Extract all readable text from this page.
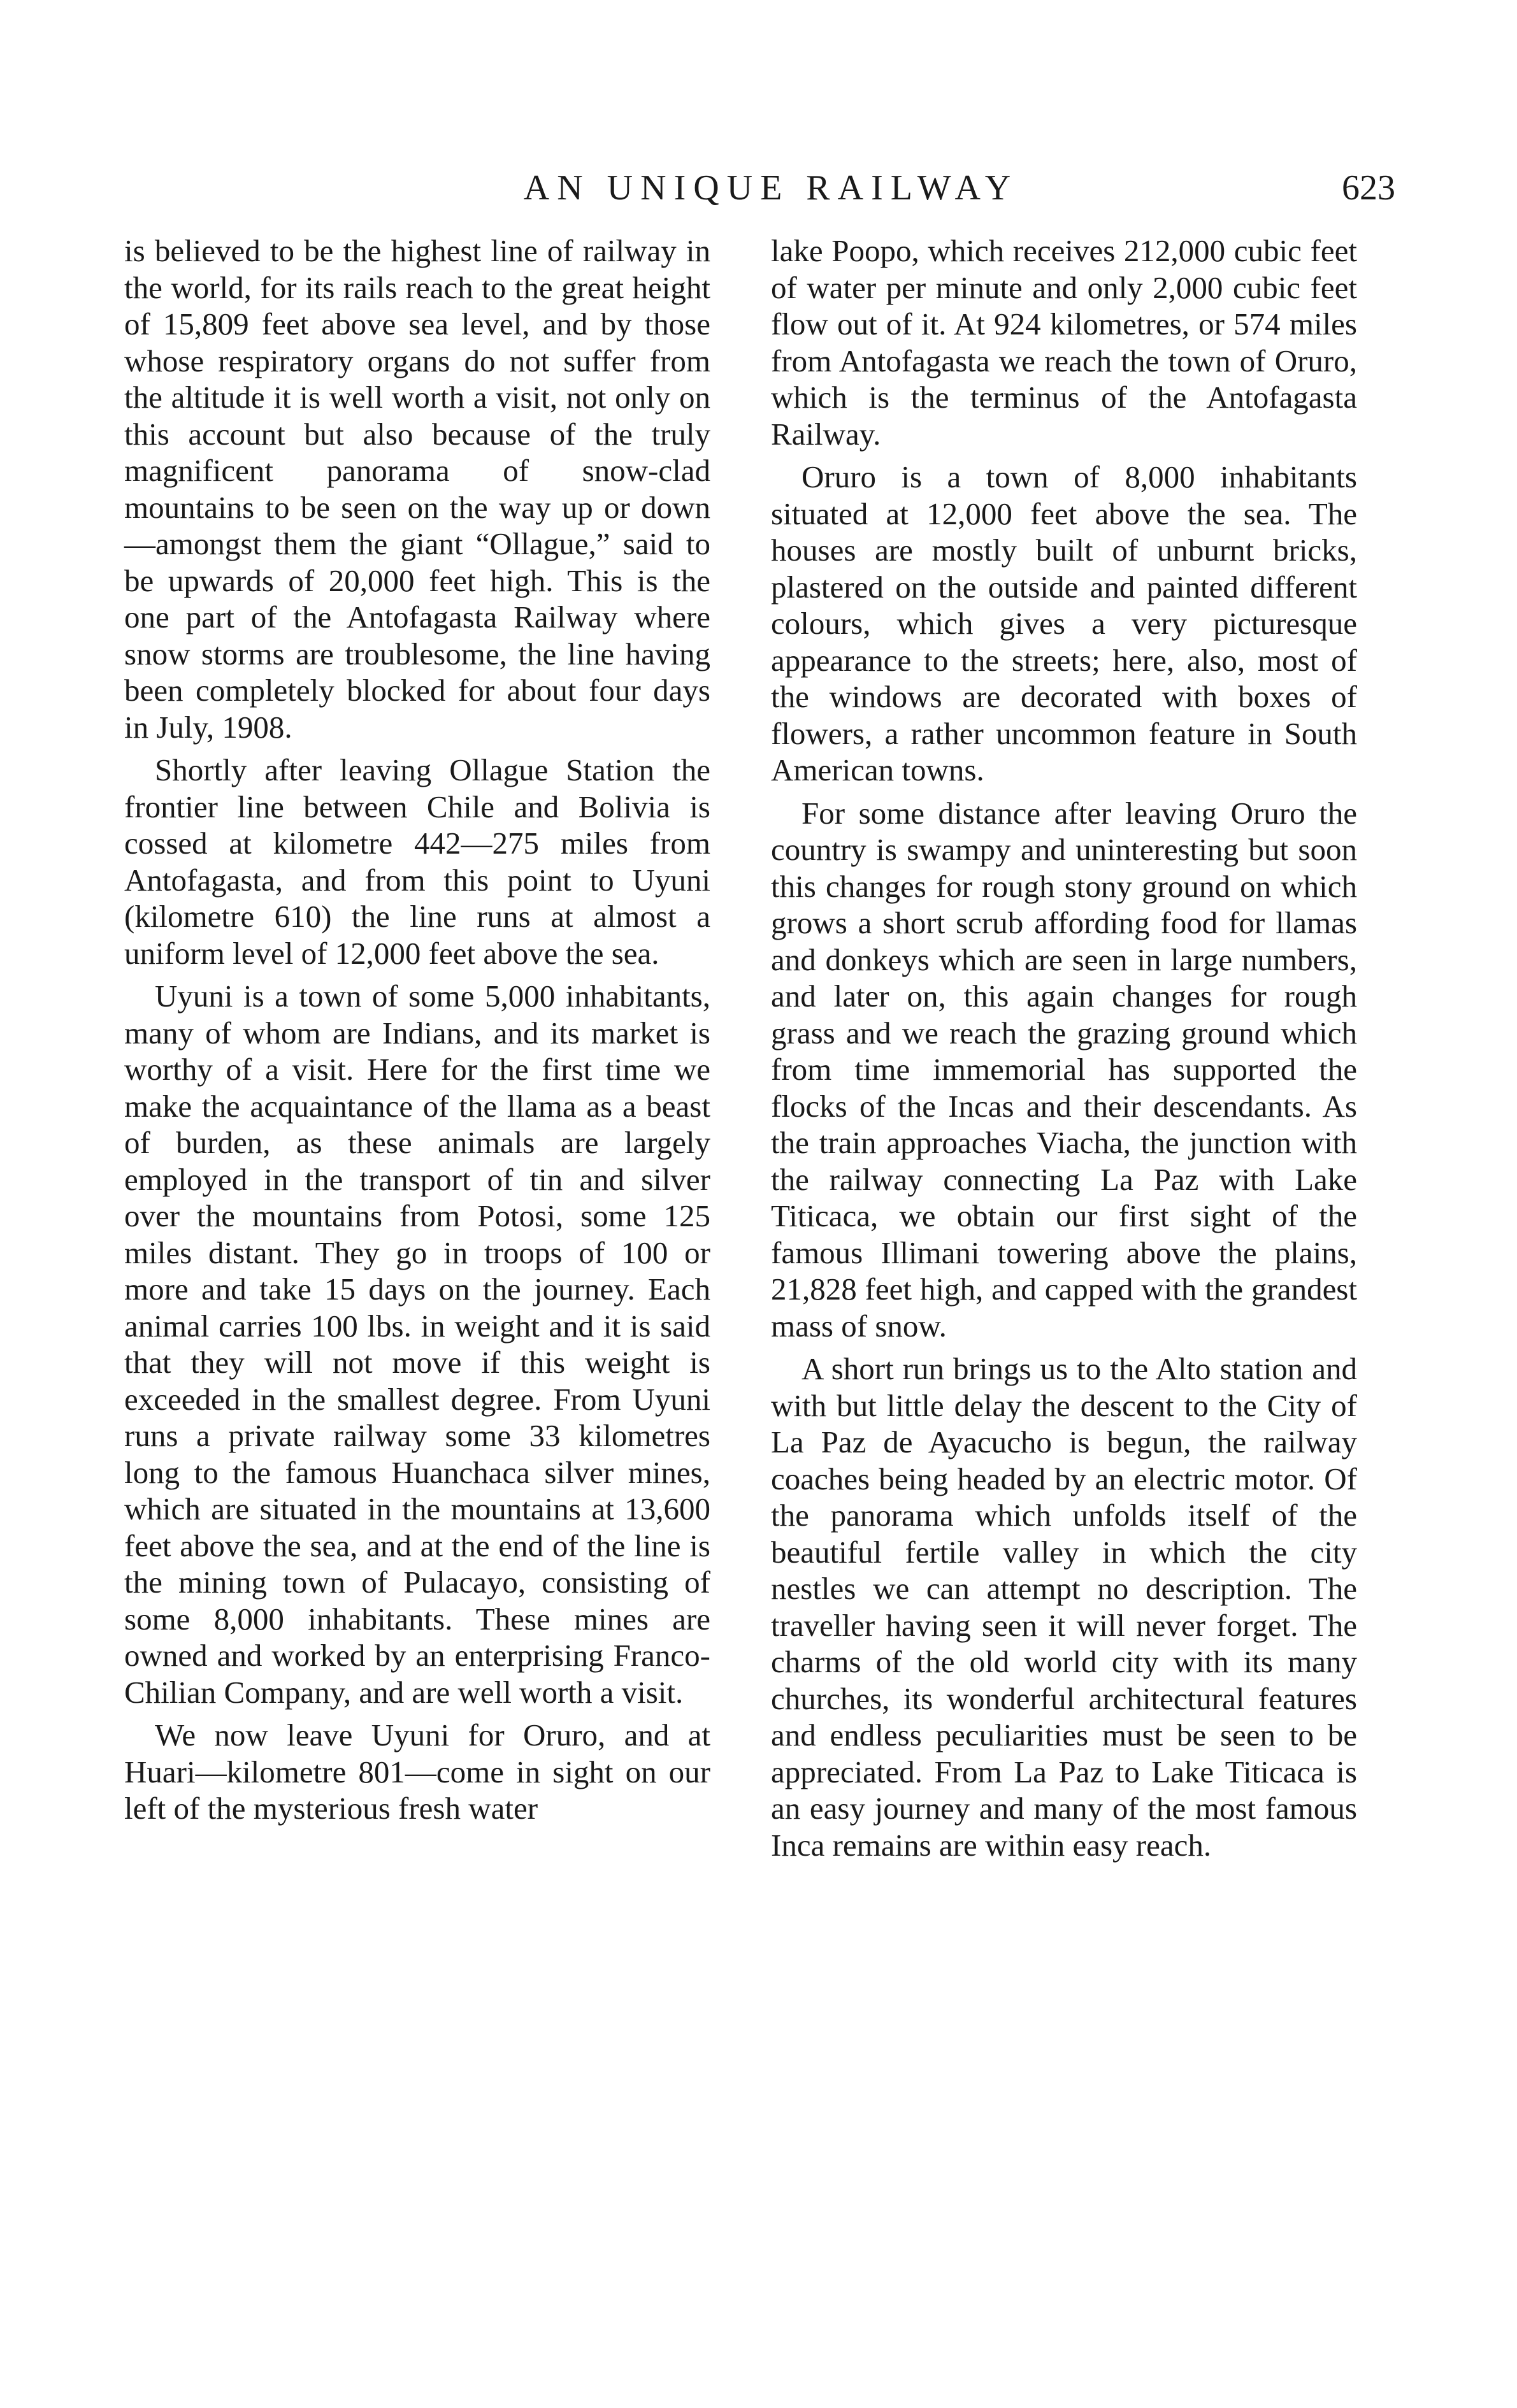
AN UNIQUE RAILWAY	623

is believed to be the highest line of railway in the world, for its rails reach to the great height of 15,809 feet above sea level, and by those whose respiratory organs do not suffer from the altitude it is well worth a visit, not only on this account but also because of the truly magnificent panorama of snow-clad mountains to be seen on the way up or down—amongst them the giant “Ollague,” said to be upwards of 20,000 feet high. This is the one part of the Antofagasta Railway where snow storms are troublesome, the line having been completely blocked for about four days in July, 1908.

Shortly after leaving Ollague Station the frontier line between Chile and Bolivia is cossed at kilometre 442—275 miles from Antofagasta, and from this point to Uyuni (kilometre 610) the line runs at almost a uniform level of 12,000 feet above the sea.

Uyuni is a town of some 5,000 inhabitants, many of whom are Indians, and its market is worthy of a visit. Here for the first time we make the acquaintance of the llama as a beast of burden, as these animals are largely employed in the transport of tin and silver over the mountains from Potosi, some 125 miles distant. They go in troops of 100 or more and take 15 days on the journey. Each animal carries 100 lbs. in weight and it is said that they will not move if this weight is exceeded in the smallest degree. From Uyuni runs a private railway some 33 kilometres long to the famous Huanchaca silver mines, which are situated in the mountains at 13,600 feet above the sea, and at the end of the line is the mining town of Pulacayo, consisting of some 8,000 inhabitants. These mines are owned and worked by an enterprising Franco-Chilian Company, and are well worth a visit.

We now leave Uyuni for Oruro, and at Huari—kilometre 801—come in sight on our left of the mysterious fresh water

lake Poopo, which receives 212,000 cubic feet of water per minute and only 2,000 cubic feet flow out of it. At 924 kilometres, or 574 miles from Antofagasta we reach the town of Oruro, which is the terminus of the Antofagasta Railway.

Oruro is a town of 8,000 inhabitants situated at 12,000 feet above the sea. The houses are mostly built of unburnt bricks, plastered on the outside and painted different colours, which gives a very picturesque appearance to the streets; here, also, most of the windows are decorated with boxes of flowers, a rather uncommon feature in South American towns.

For some distance after leaving Oruro the country is swampy and uninteresting but soon this changes for rough stony ground on which grows a short scrub affording food for llamas and donkeys which are seen in large numbers, and later on, this again changes for rough grass and we reach the grazing ground which from time immemorial has supported the flocks of the Incas and their descendants. As the train approaches Viacha, the junction with the railway connecting La Paz with Lake Titicaca, we obtain our first sight of the famous Illimani towering above the plains, 21,828 feet high, and capped with the grandest mass of snow.

A short run brings us to the Alto station and with but little delay the descent to the City of La Paz de Ayacucho is begun, the railway coaches being headed by an electric motor. Of the panorama which unfolds itself of the beautiful fertile valley in which the city nestles we can attempt no description. The traveller having seen it will never forget. The charms of the old world city with its many churches, its wonderful architectural features and endless peculiarities must be seen to be appreciated. From La Paz to Lake Titicaca is an easy journey and many of the most famous Inca remains are within easy reach.
